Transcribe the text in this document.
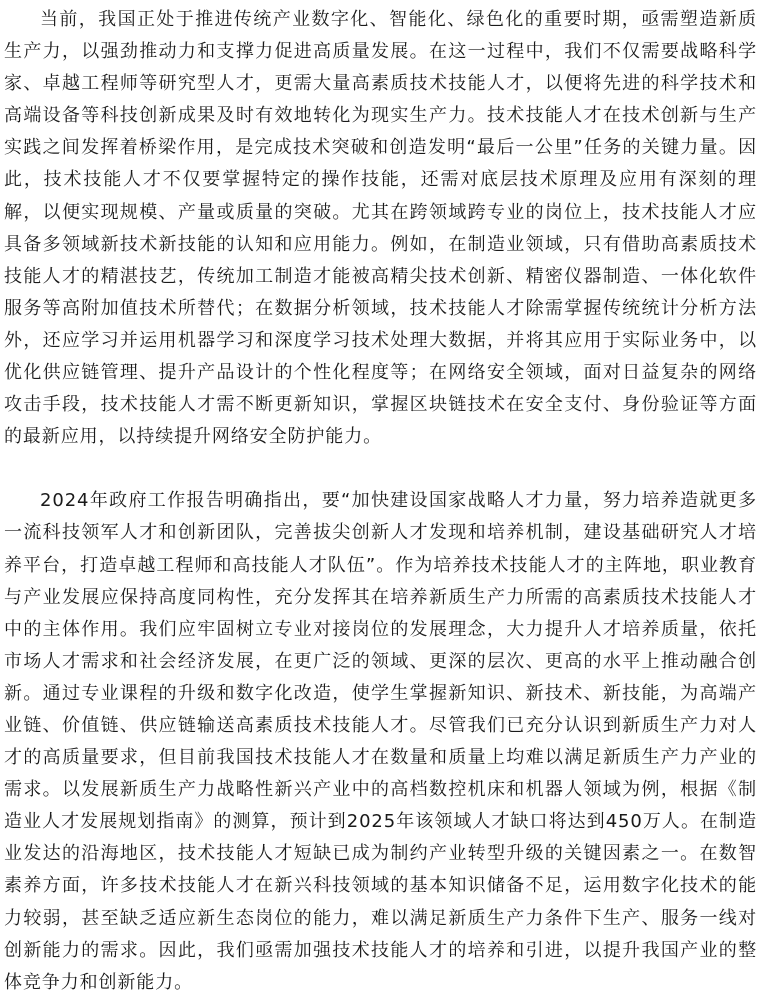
当前，我国正处于推进传统产业数字化、智能化、绿色化的重要时期，亟需塑造新质生产力，以强劲推动力和支撑力促进高质量发展。在这一过程中，我们不仅需要战略科学家、卓越工程师等研究型人才，更需大量高素质技术技能人才，以便将先进的科学技术和高端设备等科技创新成果及时有效地转化为现实生产力。技术技能人才在技术创新与生产实践之间发挥着桥梁作用，是完成技术突破和创造发明“最后一公里”任务的关键力量。因此，技术技能人才不仅要掌握特定的操作技能，还需对底层技术原理及应用有深刻的理解，以便实现规模、产量或质量的突破。尤其在跨领域跨专业的岗位上，技术技能人才应具备多领域新技术新技能的认知和应用能力。例如，在制造业领域，只有借助高素质技术技能人才的精湛技艺，传统加工制造才能被高精尖技术创新、精密仪器制造、一体化软件服务等高附加值技术所替代；在数据分析领域，技术技能人才除需掌握传统统计分析方法外，还应学习并运用机器学习和深度学习技术处理大数据，并将其应用于实际业务中，以优化供应链管理、提升产品设计的个性化程度等；在网络安全领域，面对日益复杂的网络攻击手段，技术技能人才需不断更新知识，掌握区块链技术在安全支付、身份验证等方面的最新应用，以持续提升网络安全防护能力。

2024年政府工作报告明确指出，要“加快建设国家战略人才力量，努力培养造就更多一流科技领军人才和创新团队，完善拔尖创新人才发现和培养机制，建设基础研究人才培养平台，打造卓越工程师和高技能人才队伍”。作为培养技术技能人才的主阵地，职业教育与产业发展应保持高度同构性，充分发挥其在培养新质生产力所需的高素质技术技能人才中的主体作用。我们应牢固树立专业对接岗位的发展理念，大力提升人才培养质量，依托市场人才需求和社会经济发展，在更广泛的领域、更深的层次、更高的水平上推动融合创新。通过专业课程的升级和数字化改造，使学生掌握新知识、新技术、新技能，为高端产业链、价值链、供应链输送高素质技术技能人才。尽管我们已充分认识到新质生产力对人才的高质量要求，但目前我国技术技能人才在数量和质量上均难以满足新质生产力产业的需求。以发展新质生产力战略性新兴产业中的高档数控机床和机器人领域为例，根据《制造业人才发展规划指南》的测算，预计到2025年该领域人才缺口将达到450万人。在制造业发达的沿海地区，技术技能人才短缺已成为制约产业转型升级的关键因素之一。在数智素养方面，许多技术技能人才在新兴科技领域的基本知识储备不足，运用数字化技术的能力较弱，甚至缺乏适应新生态岗位的能力，难以满足新质生产力条件下生产、服务一线对创新能力的需求。因此，我们亟需加强技术技能人才的培养和引进，以提升我国产业的整体竞争力和创新能力。
